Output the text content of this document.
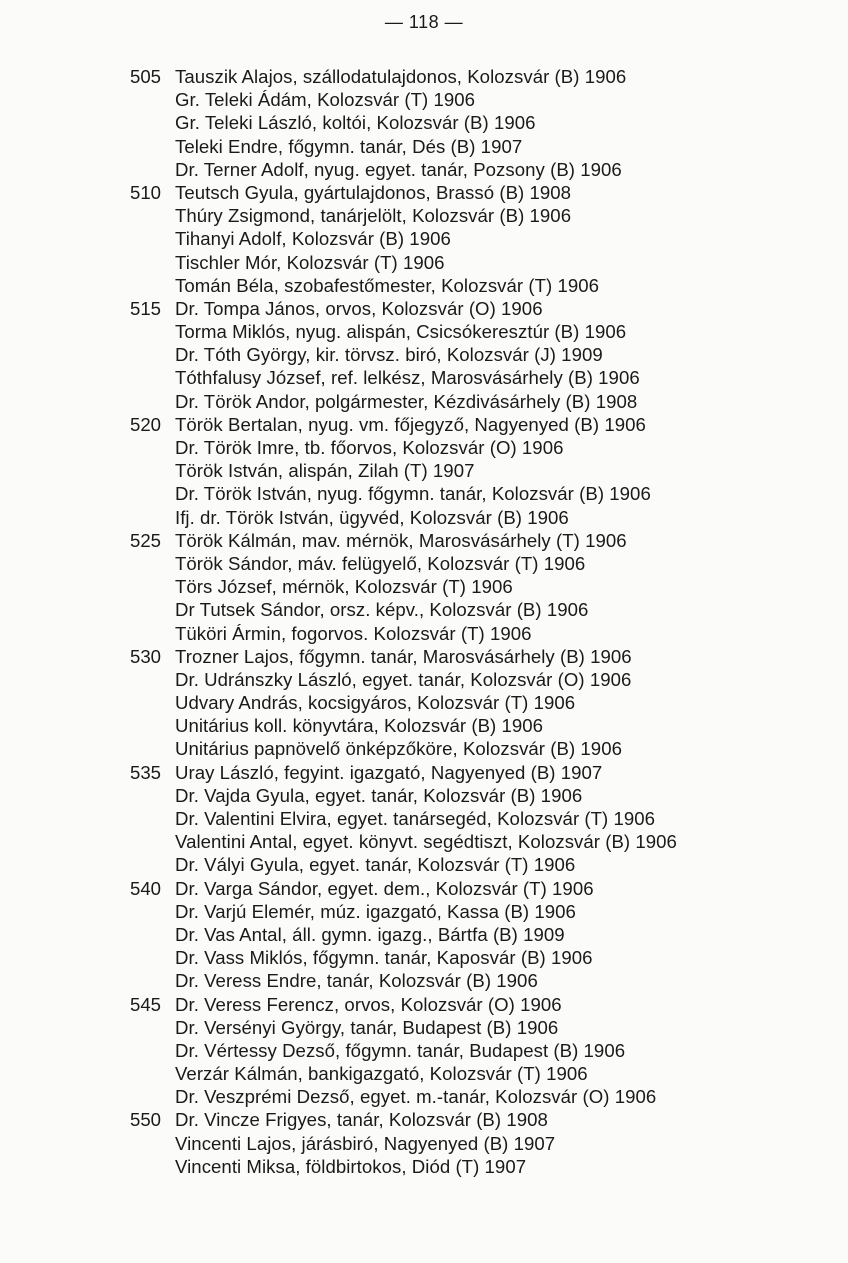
— 118 —
505 Tauszik Alajos, szállodatulajdonos, Kolozsvár (B) 1906
Gr. Teleki Ádám, Kolozsvár (T) 1906
Gr. Teleki László, koltói, Kolozsvár (B) 1906
Teleki Endre, főgymn. tanár, Dés (B) 1907
Dr. Terner Adolf, nyug. egyet. tanár, Pozsony (B) 1906
510 Teutsch Gyula, gyártulajdonos, Brassó (B) 1908
Thúry Zsigmond, tanárjelölt, Kolozsvár (B) 1906
Tihanyi Adolf, Kolozsvár (B) 1906
Tischler Mór, Kolozsvár (T) 1906
Tomán Béla, szobafestőmester, Kolozsvár (T) 1906
515 Dr. Tompa János, orvos, Kolozsvár (O) 1906
Torma Miklós, nyug. alispán, Csicsókeresztúr (B) 1906
Dr. Tóth György, kir. törvsz. biró, Kolozsvár (J) 1909
Tóthfalusy József, ref. lelkész, Marosvásárhely (B) 1906
Dr. Török Andor, polgármester, Kézdivásárhely (B) 1908
520 Török Bertalan, nyug. vm. főjegyző, Nagyenyed (B) 1906
Dr. Török Imre, tb. főorvos, Kolozsvár (O) 1906
Török István, alispán, Zilah (T) 1907
Dr. Török István, nyug. főgymn. tanár, Kolozsvár (B) 1906
Ifj. dr. Török István, ügyvéd, Kolozsvár (B) 1906
525 Török Kálmán, mav. mérnök, Marosvásárhely (T) 1906
Török Sándor, máv. felügyelő, Kolozsvár (T) 1906
Törs József, mérnök, Kolozsvár (T) 1906
Dr Tutsek Sándor, orsz. képv., Kolozsvár (B) 1906
Tüköri Ármin, fogorvos. Kolozsvár (T) 1906
530 Trozner Lajos, főgymn. tanár, Marosvásárhely (B) 1906
Dr. Udránszky László, egyet. tanár, Kolozsvár (O) 1906
Udvary András, kocsigyáros, Kolozsvár (T) 1906
Unitárius koll. könyvtára, Kolozsvár (B) 1906
Unitárius papnövelő önképzőköre, Kolozsvár (B) 1906
535 Uray László, fegyint. igazgató, Nagyenyed (B) 1907
Dr. Vajda Gyula, egyet. tanár, Kolozsvár (B) 1906
Dr. Valentini Elvira, egyet. tanársegéd, Kolozsvár (T) 1906
Valentini Antal, egyet. könyvt. segédtiszt, Kolozsvár (B) 1906
Dr. Vályi Gyula, egyet. tanár, Kolozsvár (T) 1906
540 Dr. Varga Sándor, egyet. dem., Kolozsvár (T) 1906
Dr. Varjú Elemér, múz. igazgató, Kassa (B) 1906
Dr. Vas Antal, áll. gymn. igazg., Bártfa (B) 1909
Dr. Vass Miklós, főgymn. tanár, Kaposvár (B) 1906
Dr. Veress Endre, tanár, Kolozsvár (B) 1906
545 Dr. Veress Ferencz, orvos, Kolozsvár (O) 1906
Dr. Versényi György, tanár, Budapest (B) 1906
Dr. Vértessy Dezső, főgymn. tanár, Budapest (B) 1906
Verzár Kálmán, bankigazgató, Kolozsvár (T) 1906
Dr. Veszprémi Dezső, egyet. m.-tanár, Kolozsvár (O) 1906
550 Dr. Vincze Frigyes, tanár, Kolozsvár (B) 1908
Vincenti Lajos, járásbiró, Nagyenyed (B) 1907
Vincenti Miksa, földbirtokos, Diód (T) 1907
